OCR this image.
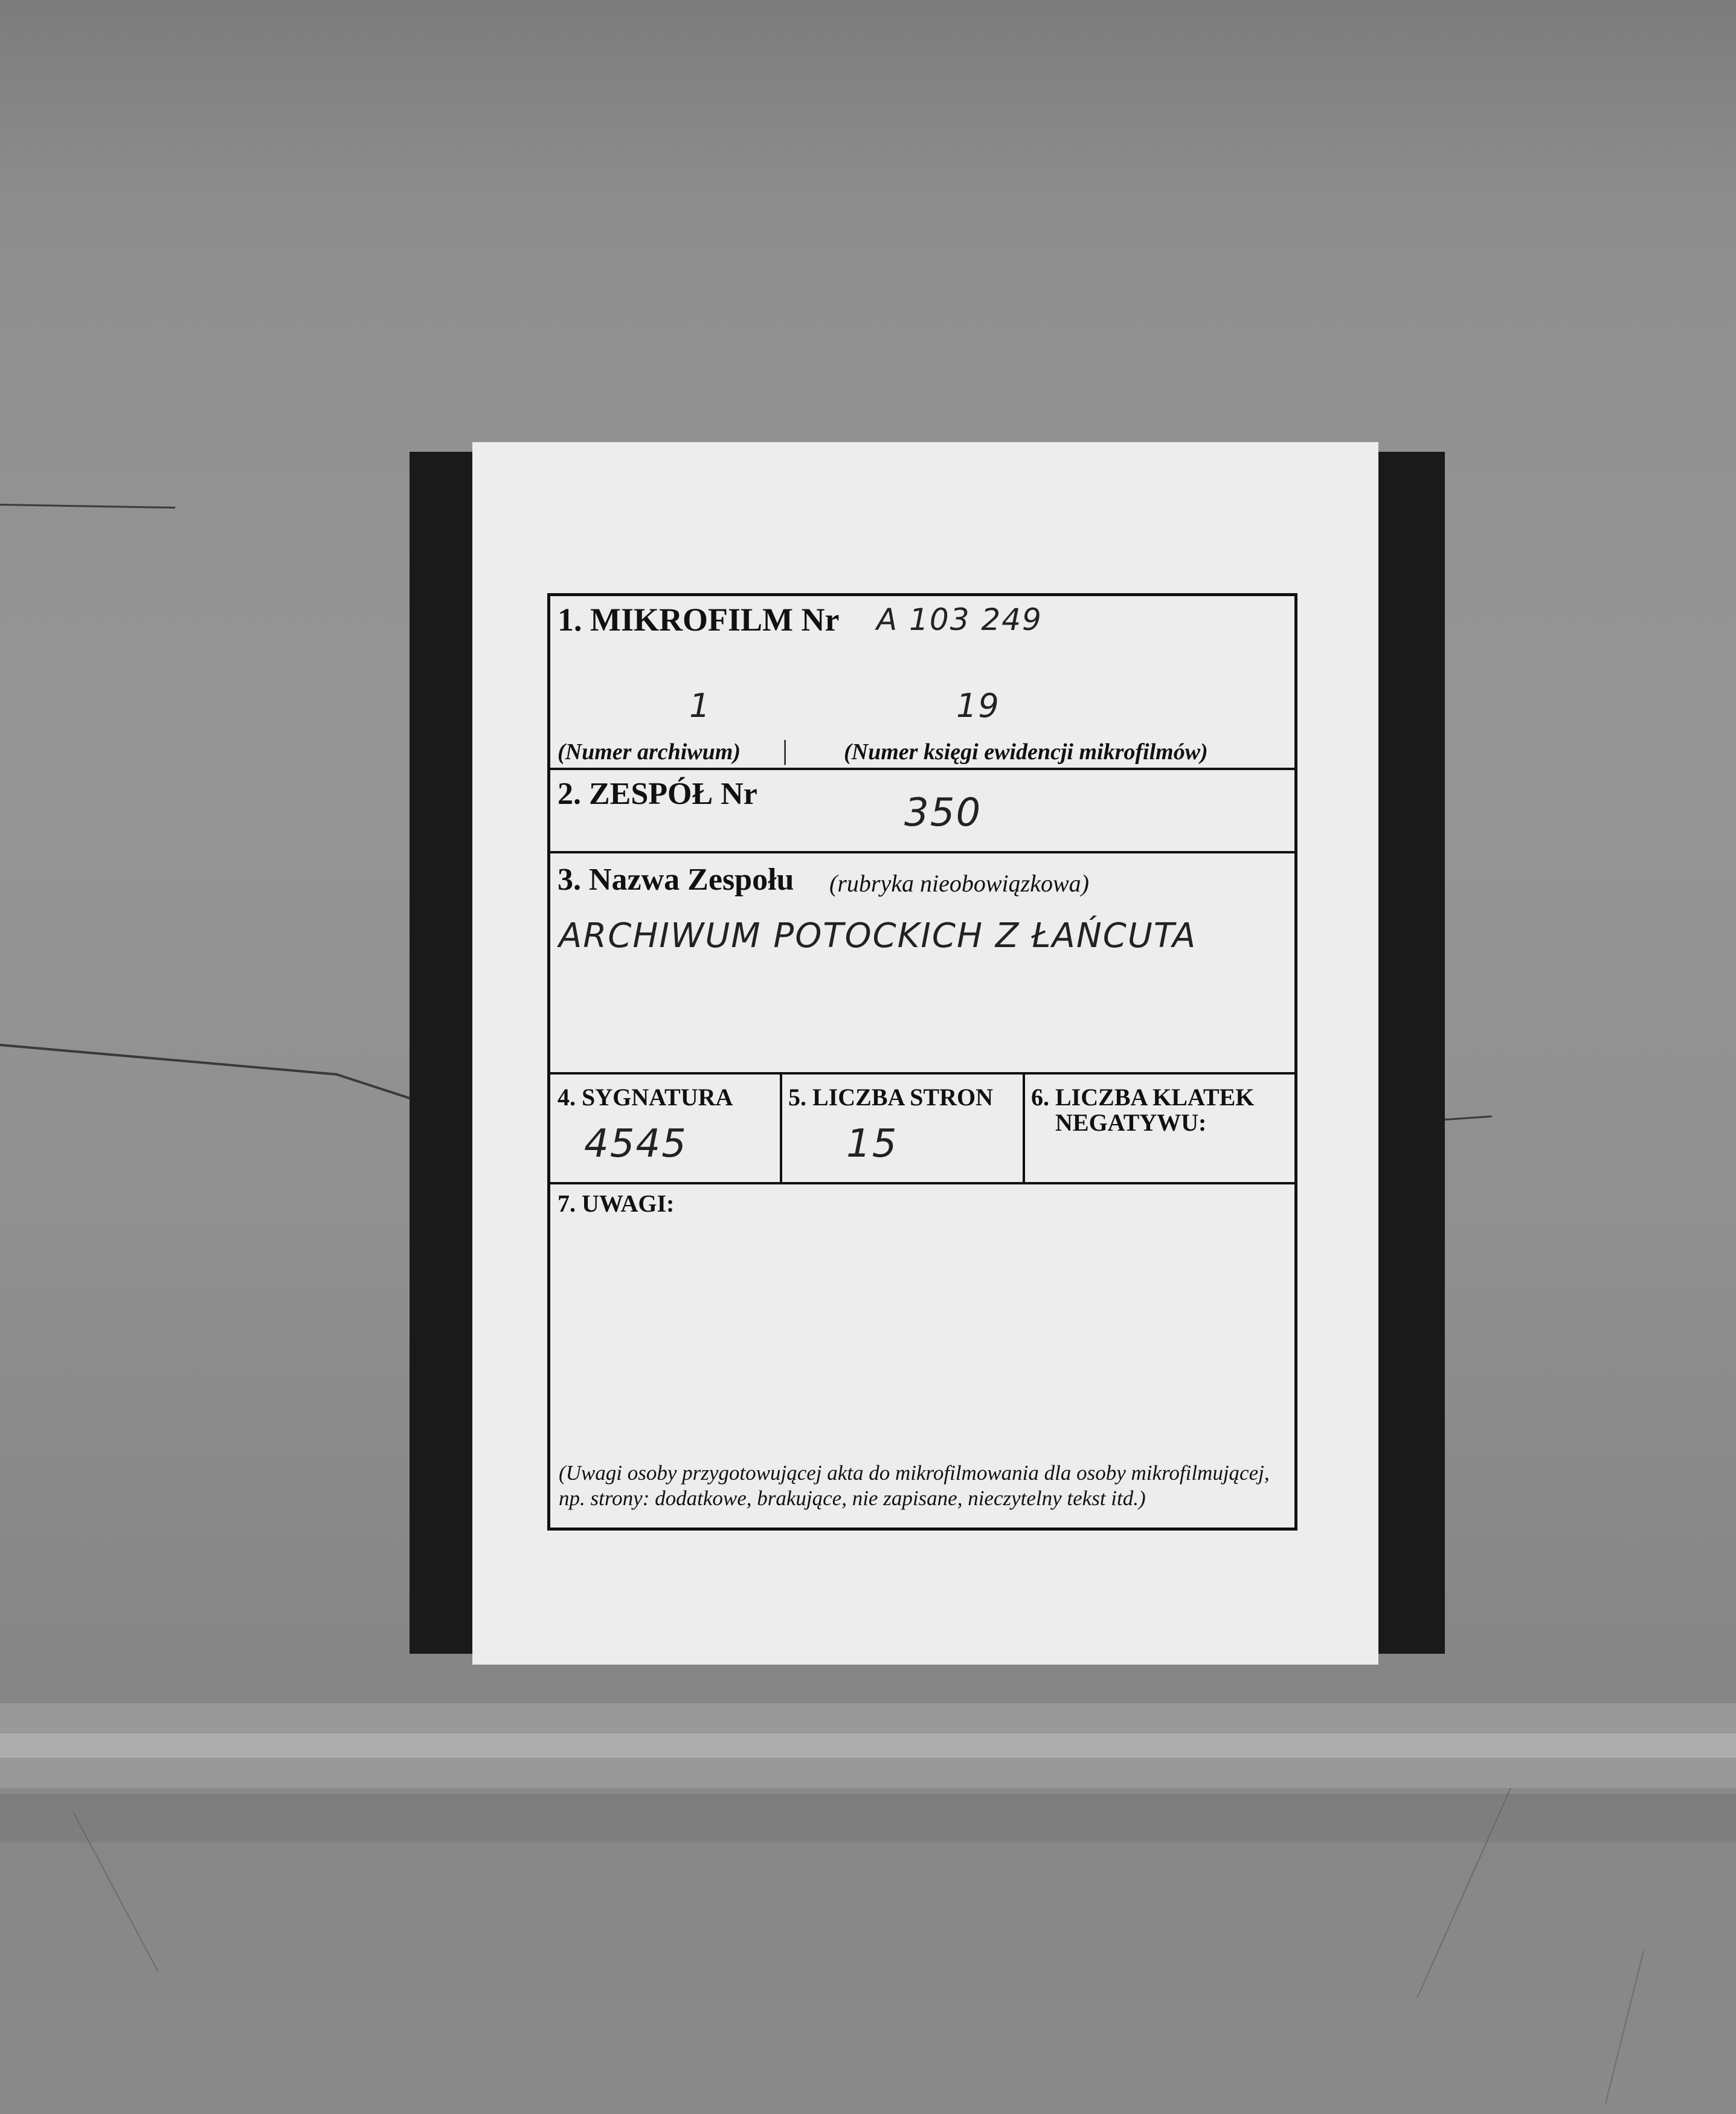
1. MIKROFILM Nr A 103 249
1	19
(Numer archiwum) | (Numer księgi ewidencji mikrofilmów)
2. ZESPÓŁ Nr	350
3. Nazwa Zespołu (rubryka nieobowiązkowa)
ARCHIWUM POTOCKICH Z ŁAŃCUTA
4. SYGNATURA
4545
5. LICZBA STRON
15
6. LICZBA KLATEK
NEGATYWU:
7. UWAGI:
(Uwagi osoby przygotowującej akta do mikrofilmowania dla osoby mikrofilmującej,
np. strony: dodatkowe, brakujące, nie zapisane, nieczytelny tekst itd.)
